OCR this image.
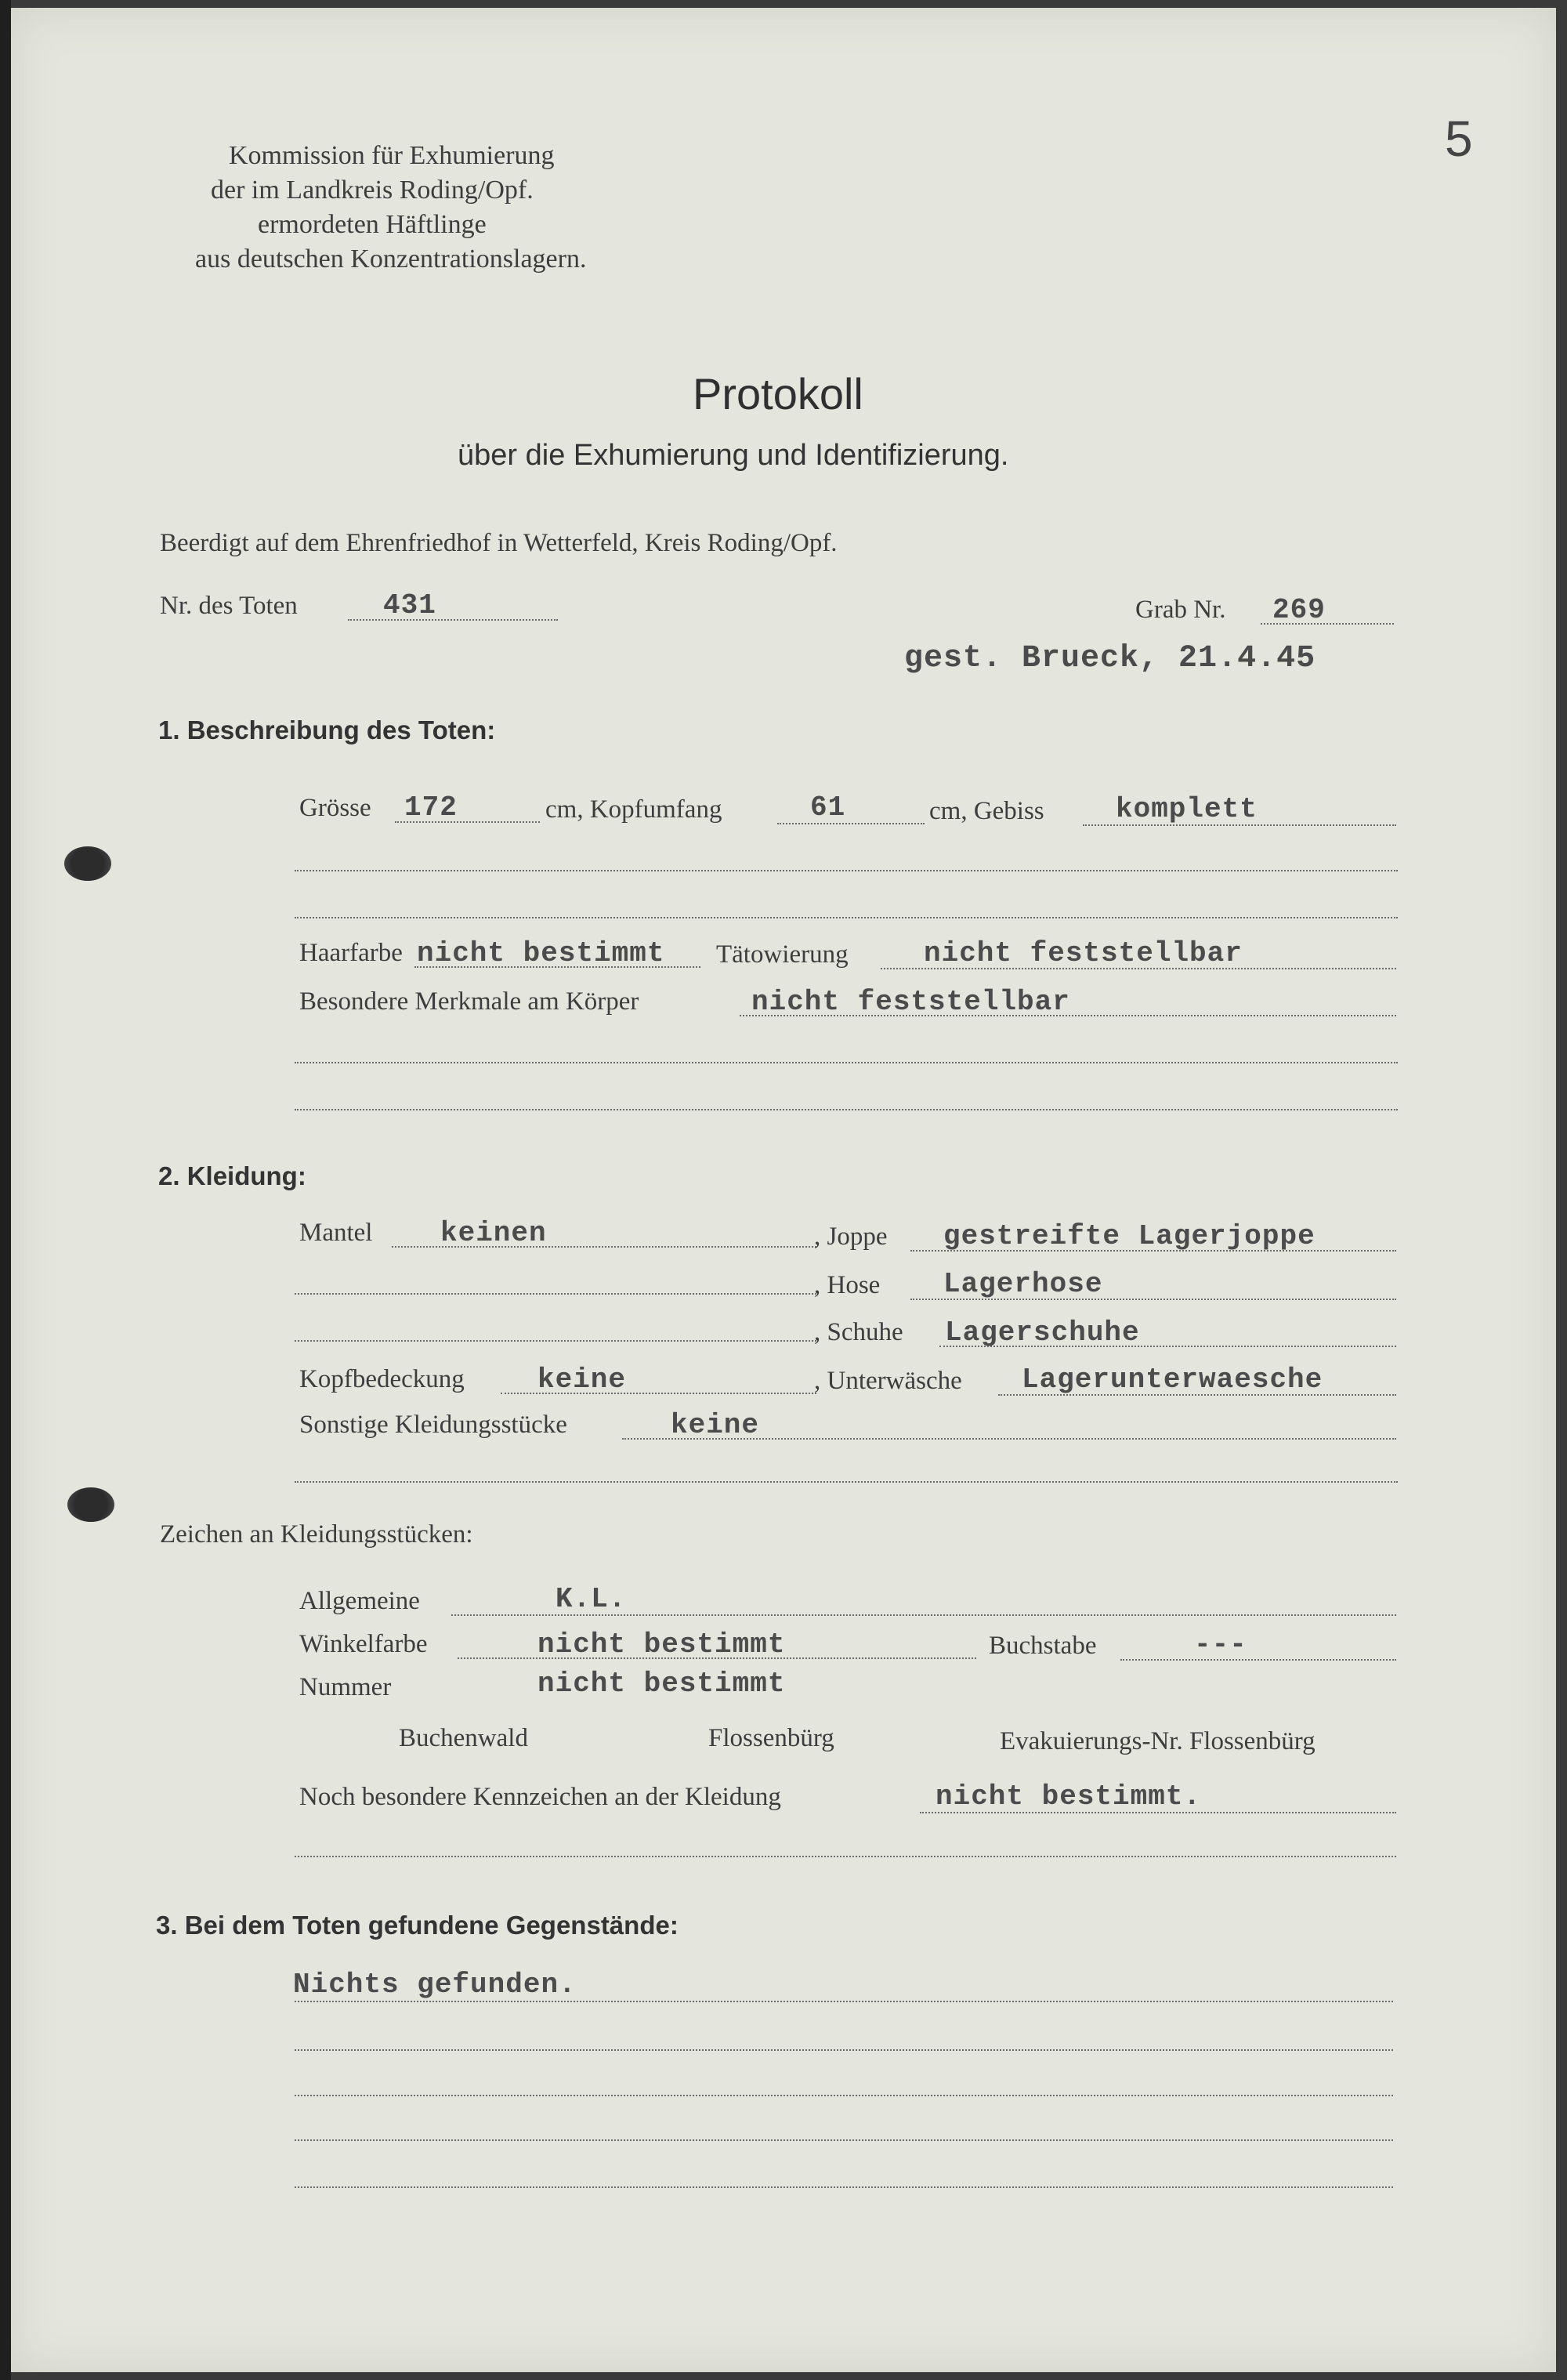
5
Kommission für Exhumierung
der im Landkreis Roding/Opf.
ermordeten Häftlinge
aus deutschen Konzentrationslagern.
Protokoll
über die Exhumierung und Identifizierung.
Beerdigt auf dem Ehrenfriedhof in Wetterfeld, Kreis Roding/Opf.
Nr. des Toten	431	Grab Nr. 269
gest. Brueck, 21.4.45
1. Beschreibung des Toten:
Grösse 172	cm, Kopfumfang	61	cm, Gebiss	komplett
Haarfarbe nicht bestimmt Tätowierung	nicht feststellbar
Besondere Merkmale am Körper	nicht feststellbar
2. Kleidung:
Mantel keinen	, Joppe gestreifte Lagerjoppe
, Hose Lagerhose
, Schuhe Lagerschuhe
Kopfbedeckung	keine	, Unterwäsche Lagerunterwaesche
Sonstige Kleidungsstücke	keine
Zeichen an Kleidungsstücken:
Allgemeine	K.L.
Winkelfarbe	nicht bestimmt	Buchstabe	---
Nummer	nicht bestimmt
Buchenwald	Flossenbürg	Evakuierungs-Nr. Flossenbürg
Noch besondere Kennzeichen an der Kleidung	nicht bestimmt.
3. Bei dem Toten gefundene Gegenstände:
Nichts gefunden.
